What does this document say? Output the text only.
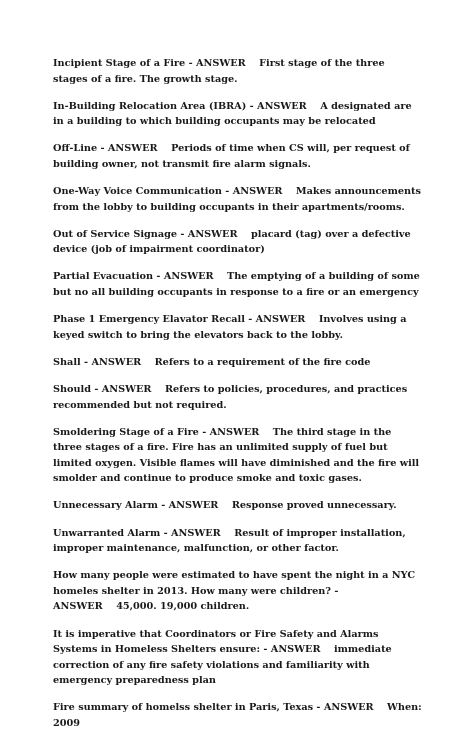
Incipient Stage of a Fire - ANSWER First stage of the three stages of a fire. The growth stage.

In-Building Relocation Area (IBRA) - ANSWER A designated are in a building to which building occupants may be relocated

Off-Line - ANSWER Periods of time when CS will, per request of building owner, not transmit fire alarm signals.

One-Way Voice Communication - ANSWER Makes announcements from the lobby to building occupants in their apartments/rooms.

Out of Service Signage - ANSWER placard (tag) over a defective device (job of impairment coordinator)

Partial Evacuation - ANSWER The emptying of a building of some but no all building occupants in response to a fire or an emergency

Phase 1 Emergency Elavator Recall - ANSWER Involves using a keyed switch to bring the elevators back to the lobby.

Shall - ANSWER Refers to a requirement of the fire code

Should - ANSWER Refers to policies, procedures, and practices recommended but not required.

Smoldering Stage of a Fire - ANSWER The third stage in the three stages of a fire. Fire has an unlimited supply of fuel but limited oxygen. Visible flames will have diminished and the fire will smolder and continue to produce smoke and toxic gases.

Unnecessary Alarm - ANSWER Response proved unnecessary.

Unwarranted Alarm - ANSWER Result of improper installation, improper maintenance, malfunction, or other factor.

How many people were estimated to have spent the night in a NYC homeles shelter in 2013. How many were children? - ANSWER 45,000. 19,000 children.

It is imperative that Coordinators or Fire Safety and Alarms Systems in Homeless Shelters ensure: - ANSWER immediate correction of any fire safety violations and familiarity with emergency preparedness plan

Fire summary of homelss shelter in Paris, Texas - ANSWER When: 2009
